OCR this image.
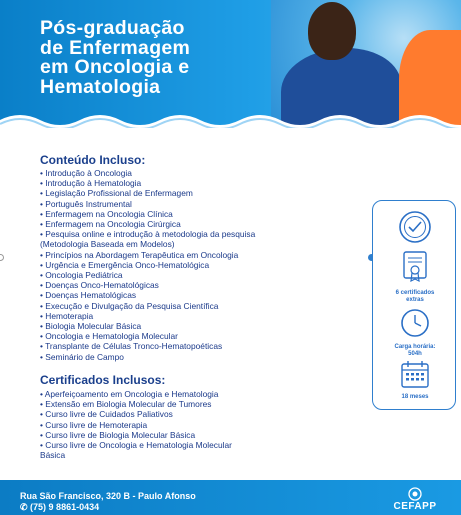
Pós-graduação
de Enfermagem
em Oncologia e
Hematologia
Conteúdo Incluso:
• Introdução à Oncologia
• Introdução à Hematologia
• Legislação Profissional de Enfermagem
• Português Instrumental
• Enfermagem na Oncologia Clínica
• Enfermagem na Oncologia Cirúrgica
• Pesquisa online e introdução à metodologia da pesquisa
(Metodologia Baseada em Modelos)
• Princípios na Abordagem Terapêutica em Oncologia
• Urgência e Emergência Onco-Hematológica
• Oncologia Pediátrica
• Doenças Onco-Hematológicas
• Doenças Hematológicas
• Execução e Divulgação da Pesquisa Científica
• Hemoterapia
• Biologia Molecular Básica
• Oncologia e Hematologia Molecular
• Transplante de Células Tronco-Hematopoéticas
• Seminário de Campo
Certificados Inclusos:
• Aperfeiçoamento em Oncologia e Hematologia
• Extensão em Biologia Molecular de Tumores
• Curso livre de Cuidados Paliativos
• Curso livre de Hemoterapia
• Curso livre de Biologia Molecular Básica
• Curso livre de Oncologia e Hematologia Molecular
Básica
6 certificados
extras
Carga horária:
504h
18 meses
Rua São Francisco, 320 B - Paulo Afonso
✆ (75) 9 8861-0434	CEFAPP
